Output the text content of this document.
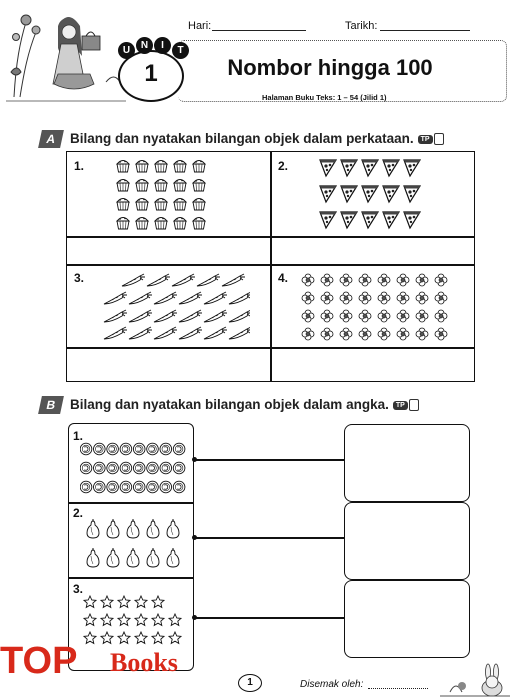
Hari:	Tarikh:
U	N	I	T
1	Nombor hingga 100
Halaman Buku Teks: 1 – 54 (Jilid 1)
A Bilang dan nyatakan bilangan objek dalam perkataan. TP
1.	2.
3.	4.
B Bilang dan nyatakan bilangan objek dalam angka. TP
1.
2.
3.
TOP Books
1	Disemak oleh:
